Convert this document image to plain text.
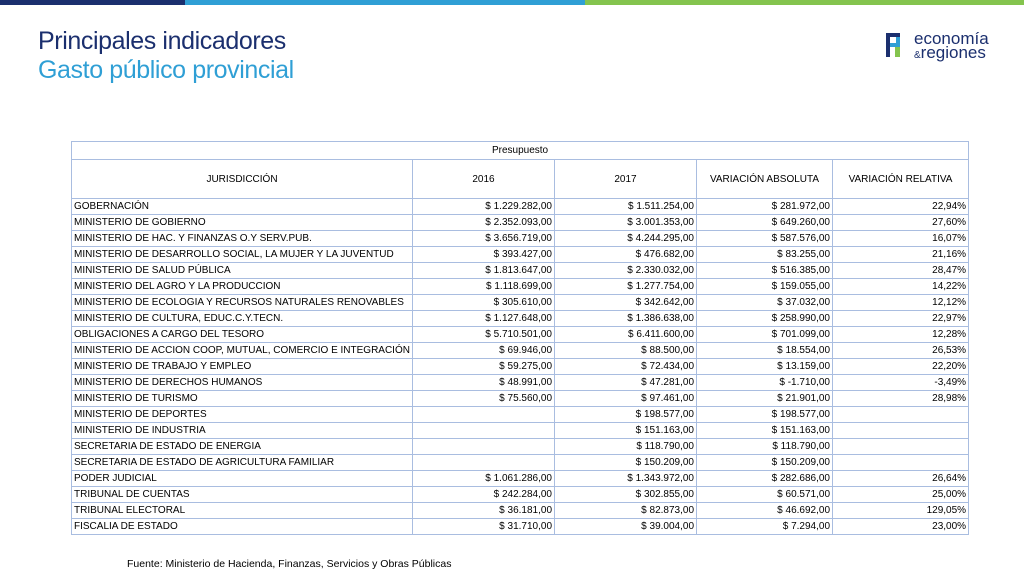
Principales indicadores
Gasto público provincial
economía
&regiones
Presupuesto				
JURISDICCIÓN	2016	2017	VARIACIÓN ABSOLUTA	VARIACIÓN RELATIVA
GOBERNACIÓN	$ 1.229.282,00	$ 1.511.254,00	$ 281.972,00	22,94%
MINISTERIO DE GOBIERNO	$ 2.352.093,00	$ 3.001.353,00	$ 649.260,00	27,60%
MINISTERIO DE HAC. Y FINANZAS O.Y SERV.PUB.	$ 3.656.719,00	$ 4.244.295,00	$ 587.576,00	16,07%
MINISTERIO DE DESARROLLO SOCIAL, LA MUJER Y LA JUVENTUD	$ 393.427,00	$ 476.682,00	$ 83.255,00	21,16%
MINISTERIO DE SALUD PÚBLICA	$ 1.813.647,00	$ 2.330.032,00	$ 516.385,00	28,47%
MINISTERIO DEL AGRO Y LA PRODUCCION	$ 1.118.699,00	$ 1.277.754,00	$ 159.055,00	14,22%
MINISTERIO DE ECOLOGIA Y RECURSOS NATURALES RENOVABLES	$ 305.610,00	$ 342.642,00	$ 37.032,00	12,12%
MINISTERIO DE CULTURA, EDUC.C.Y.TECN.	$ 1.127.648,00	$ 1.386.638,00	$ 258.990,00	22,97%
OBLIGACIONES A CARGO DEL TESORO	$ 5.710.501,00	$ 6.411.600,00	$ 701.099,00	12,28%
MINISTERIO DE ACCION COOP, MUTUAL, COMERCIO E INTEGRACIÓN	$ 69.946,00	$ 88.500,00	$ 18.554,00	26,53%
MINISTERIO DE TRABAJO Y EMPLEO	$ 59.275,00	$ 72.434,00	$ 13.159,00	22,20%
MINISTERIO DE DERECHOS HUMANOS	$ 48.991,00	$ 47.281,00	$ -1.710,00	-3,49%
MINISTERIO DE TURISMO	$ 75.560,00	$ 97.461,00	$ 21.901,00	28,98%
MINISTERIO DE DEPORTES		$ 198.577,00	$ 198.577,00	
MINISTERIO DE INDUSTRIA		$ 151.163,00	$ 151.163,00	
SECRETARIA DE ESTADO DE ENERGIA		$ 118.790,00	$ 118.790,00	
SECRETARIA DE ESTADO DE AGRICULTURA FAMILIAR		$ 150.209,00	$ 150.209,00	
PODER JUDICIAL	$ 1.061.286,00	$ 1.343.972,00	$ 282.686,00	26,64%
TRIBUNAL DE CUENTAS	$ 242.284,00	$ 302.855,00	$ 60.571,00	25,00%
TRIBUNAL ELECTORAL	$ 36.181,00	$ 82.873,00	$ 46.692,00	129,05%
FISCALIA DE ESTADO	$ 31.710,00	$ 39.004,00	$ 7.294,00	23,00%
Fuente: Ministerio de Hacienda, Finanzas, Servicios y Obras Públicas
